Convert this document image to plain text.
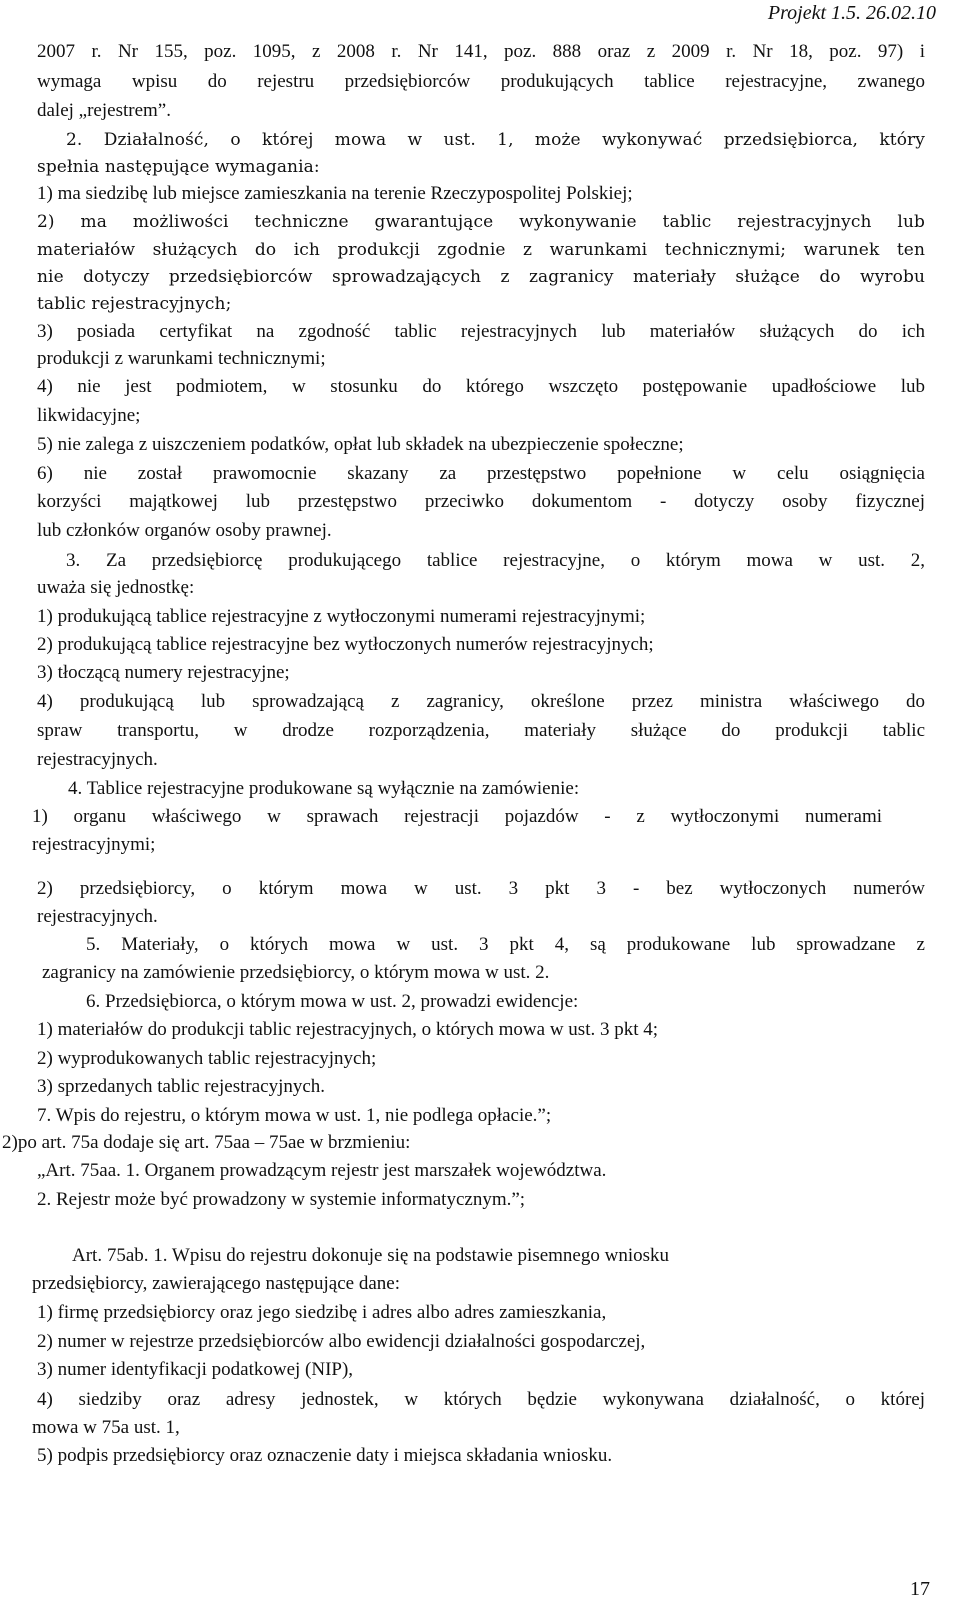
Projekt 1.5. 26.02.10
2007 r. Nr 155, poz. 1095, z 2008 r. Nr 141, poz. 888 oraz z 2009 r. Nr 18, poz. 97) i
wymaga wpisu do rejestru przedsiębiorców produkujących tablice rejestracyjne, zwanego
dalej „rejestrem”.
2. Działalność, o której mowa w ust. 1, może wykonywać przedsiębiorca, który
spełnia następujące wymagania:
1) ma siedzibę lub miejsce zamieszkania na terenie Rzeczypospolitej Polskiej;
2) ma możliwości techniczne gwarantujące wykonywanie tablic rejestracyjnych lub
materiałów służących do ich produkcji zgodnie z warunkami technicznymi; warunek ten
nie dotyczy przedsiębiorców sprowadzających z zagranicy materiały służące do wyrobu
tablic rejestracyjnych;
3) posiada certyfikat na zgodność tablic rejestracyjnych lub materiałów służących do ich
produkcji z warunkami technicznymi;
4) nie jest podmiotem, w stosunku do którego wszczęto postępowanie upadłościowe lub
likwidacyjne;
5) nie zalega z uiszczeniem podatków, opłat lub składek na ubezpieczenie społeczne;
6) nie został prawomocnie skazany za przestępstwo popełnione w celu osiągnięcia
korzyści majątkowej lub przestępstwo przeciwko dokumentom - dotyczy osoby fizycznej
lub członków organów osoby prawnej.
3. Za przedsiębiorcę produkującego tablice rejestracyjne, o którym mowa w ust. 2,
uważa się jednostkę:
1) produkującą tablice rejestracyjne z wytłoczonymi numerami rejestracyjnymi;
2) produkującą tablice rejestracyjne bez wytłoczonych numerów rejestracyjnych;
3) tłoczącą numery rejestracyjne;
4) produkującą lub sprowadzającą z zagranicy, określone przez ministra właściwego do
spraw transportu, w drodze rozporządzenia, materiały służące do produkcji tablic
rejestracyjnych.
4. Tablice rejestracyjne produkowane są wyłącznie na zamówienie:
1) organu właściwego w sprawach rejestracji pojazdów - z wytłoczonymi numerami
rejestracyjnymi;
2) przedsiębiorcy, o którym mowa w ust. 3 pkt 3 - bez wytłoczonych numerów
rejestracyjnych.
5. Materiały, o których mowa w ust. 3 pkt 4, są produkowane lub sprowadzane z
zagranicy na zamówienie przedsiębiorcy, o którym mowa w ust. 2.
6. Przedsiębiorca, o którym mowa w ust. 2, prowadzi ewidencje:
1) materiałów do produkcji tablic rejestracyjnych, o których mowa w ust. 3 pkt 4;
2) wyprodukowanych tablic rejestracyjnych;
3) sprzedanych tablic rejestracyjnych.
7. Wpis do rejestru, o którym mowa w ust. 1, nie podlega opłacie.”;
2)po art. 75a dodaje się art. 75aa – 75ae w brzmieniu:
„Art. 75aa. 1. Organem prowadzącym rejestr jest marszałek województwa.
2. Rejestr może być prowadzony w systemie informatycznym.”;
Art. 75ab. 1. Wpisu do rejestru dokonuje się na podstawie pisemnego wniosku
przedsiębiorcy, zawierającego następujące dane:
1) firmę przedsiębiorcy oraz jego siedzibę i adres albo adres zamieszkania,
2) numer w rejestrze przedsiębiorców albo ewidencji działalności gospodarczej,
3) numer identyfikacji podatkowej (NIP),
4) siedziby oraz adresy jednostek, w których będzie wykonywana działalność, o której
mowa w 75a ust. 1,
5) podpis przedsiębiorcy oraz oznaczenie daty i miejsca składania wniosku.
17
